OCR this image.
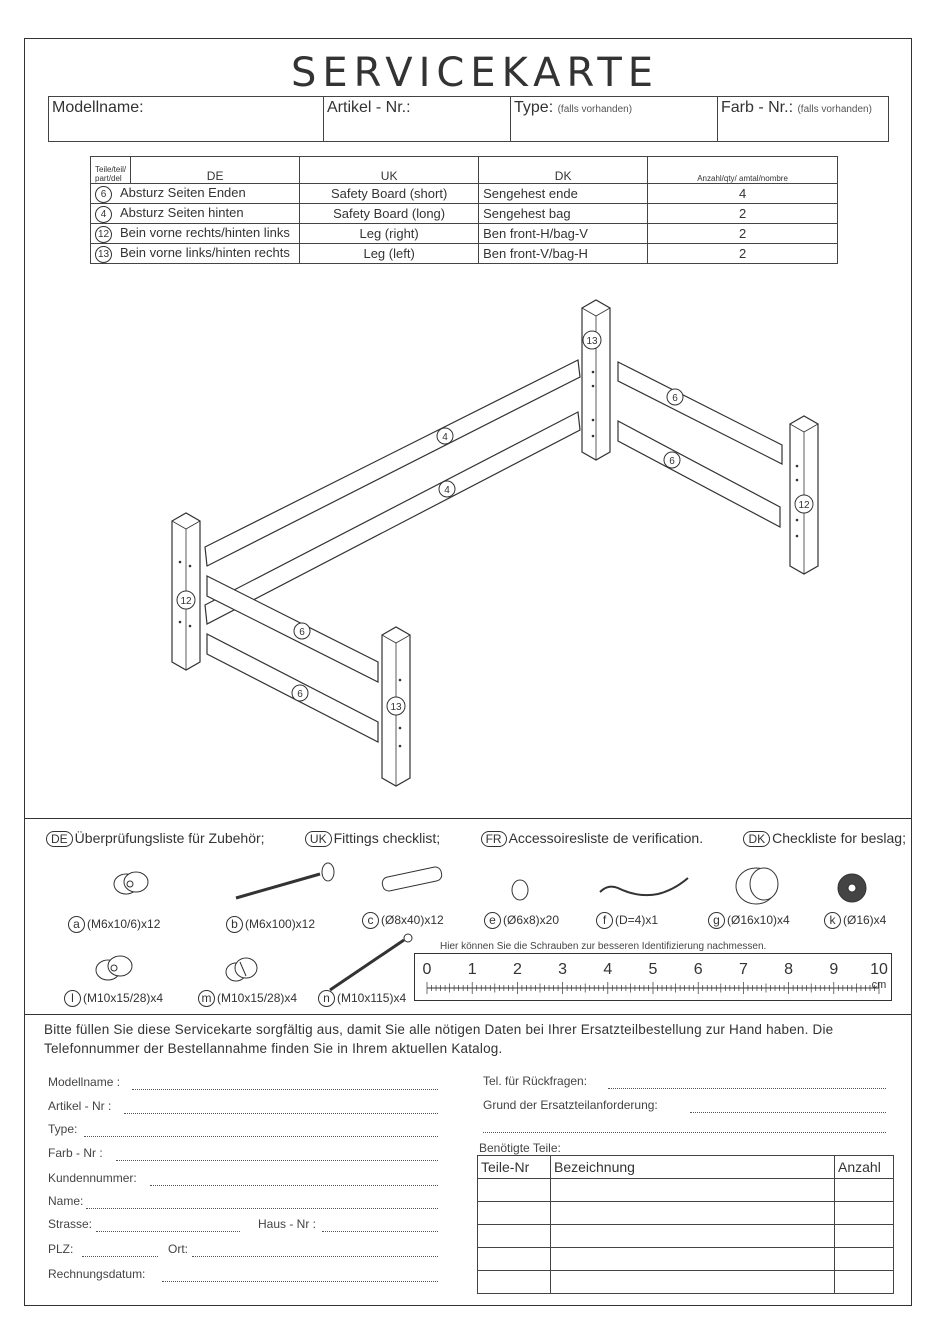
SERVICEKARTE
Modellname:	Artikel - Nr.:	Type: (falls vorhanden)	Farb - Nr.: (falls vorhanden)
Teile/teil/ part/del	DE	UK	DK	Anzahl/qty/ amtal/nombre

6 Absturz Seiten Enden		Safety Board (short)	Sengehest ende	4
4 Absturz Seiten hinten		Safety Board (long)	Sengehest bag	2
12 Bein vorne rechts/hinten links		Leg (right)	Ben front-H/bag-V	2
13 Bein vorne links/hinten rechts		Leg (left)	Ben front-V/bag-H	2
4
4
6
6
6
6
12
12
13
13
DE Überprüfungsliste für Zubehör;	UK Fittings checklist;	FR Accessoiresliste de verification.	DK Checkliste for beslag;
a (M6x10/6)x12	b (M6x100)x12	c (Ø8x40)x12	e (Ø6x8)x20	f (D=4)x1	g (Ø16x10)x4	k (Ø16)x4
l (M10x15/28)x4	m (M10x15/28)x4	n (M10x115)x4
Hier können Sie die Schrauben zur besseren Identifizierung nachmessen.
0 1 2 3 4 5 6 7 8 9 10
cm
Bitte füllen Sie diese Servicekarte sorgfältig aus, damit Sie alle nötigen Daten bei Ihrer Ersatzteilbestellung zur Hand haben. Die Telefonnummer der Bestellannahme finden Sie in Ihrem aktuellen Katalog.
Modellname :
Artikel - Nr :
Type:
Farb - Nr :
Kundennummer:
Name:
Strasse:	Haus - Nr :
PLZ:	Ort:
Rechnungsdatum:
Tel. für Rückfragen:
Grund der Ersatzteilanforderung:
Benötigte Teile:
Teile-Nr	Bezeichnung	Anzahl
